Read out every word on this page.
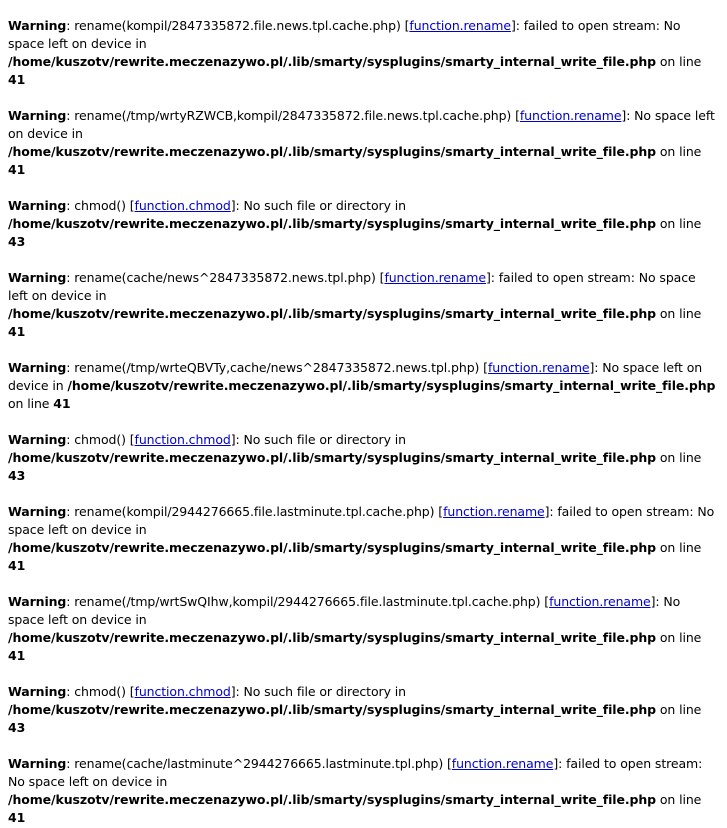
Warning: rename(kompil/2847335872.file.news.tpl.cache.php) [function.rename]: failed to open stream: No space left on device in /home/kuszotv/rewrite.meczenazywo.pl/.lib/smarty/sysplugins/smarty_internal_write_file.php on line 41

Warning: rename(/tmp/wrtyRZWCB,kompil/2847335872.file.news.tpl.cache.php) [function.rename]: No space left on device in /home/kuszotv/rewrite.meczenazywo.pl/.lib/smarty/sysplugins/smarty_internal_write_file.php on line 41

Warning: chmod() [function.chmod]: No such file or directory in /home/kuszotv/rewrite.meczenazywo.pl/.lib/smarty/sysplugins/smarty_internal_write_file.php on line 43

Warning: rename(cache/news^2847335872.news.tpl.php) [function.rename]: failed to open stream: No space left on device in /home/kuszotv/rewrite.meczenazywo.pl/.lib/smarty/sysplugins/smarty_internal_write_file.php on line 41

Warning: rename(/tmp/wrteQBVTy,cache/news^2847335872.news.tpl.php) [function.rename]: No space left on device in /home/kuszotv/rewrite.meczenazywo.pl/.lib/smarty/sysplugins/smarty_internal_write_file.php on line 41

Warning: chmod() [function.chmod]: No such file or directory in /home/kuszotv/rewrite.meczenazywo.pl/.lib/smarty/sysplugins/smarty_internal_write_file.php on line 43

Warning: rename(kompil/2944276665.file.lastminute.tpl.cache.php) [function.rename]: failed to open stream: No space left on device in /home/kuszotv/rewrite.meczenazywo.pl/.lib/smarty/sysplugins/smarty_internal_write_file.php on line 41

Warning: rename(/tmp/wrtSwQIhw,kompil/2944276665.file.lastminute.tpl.cache.php) [function.rename]: No space left on device in /home/kuszotv/rewrite.meczenazywo.pl/.lib/smarty/sysplugins/smarty_internal_write_file.php on line 41

Warning: chmod() [function.chmod]: No such file or directory in /home/kuszotv/rewrite.meczenazywo.pl/.lib/smarty/sysplugins/smarty_internal_write_file.php on line 43

Warning: rename(cache/lastminute^2944276665.lastminute.tpl.php) [function.rename]: failed to open stream: No space left on device in /home/kuszotv/rewrite.meczenazywo.pl/.lib/smarty/sysplugins/smarty_internal_write_file.php on line 41
